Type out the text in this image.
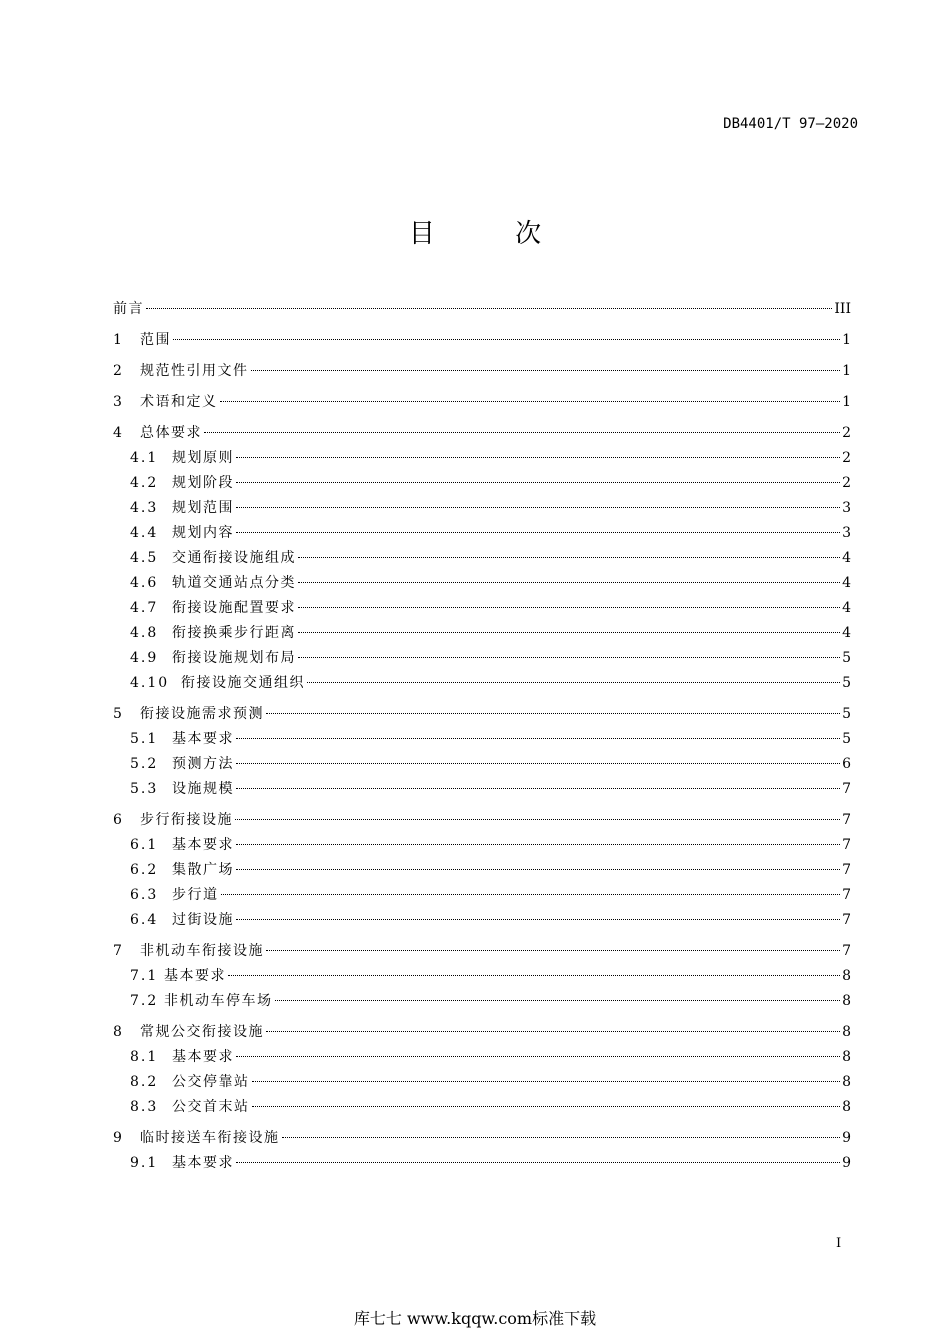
DB4401/T 97—2020
目 次
前言	III
1	范围	1
2	规范性引用文件	1
3	术语和定义	1
4	总体要求	2
4.1 规划原则	2
4.2 规划阶段	2
4.3 规划范围	3
4.4 规划内容	3
4.5 交通衔接设施组成	4
4.6 轨道交通站点分类	4
4.7 衔接设施配置要求	4
4.8 衔接换乘步行距离	4
4.9 衔接设施规划布局	5
4.10 衔接设施交通组织	5
5	衔接设施需求预测	5
5.1 基本要求	5
5.2 预测方法	6
5.3 设施规模	7
6	步行衔接设施	7
6.1 基本要求	7
6.2 集散广场	7
6.3 步行道	7
6.4 过街设施	7
7	非机动车衔接设施	7
7.1 基本要求	8
7.2 非机动车停车场	8
8	常规公交衔接设施	8
8.1 基本要求	8
8.2 公交停靠站	8
8.3 公交首末站	8
9	临时接送车衔接设施	9
9.1 基本要求	9
I
库七七 www.kqqw.com标准下载
